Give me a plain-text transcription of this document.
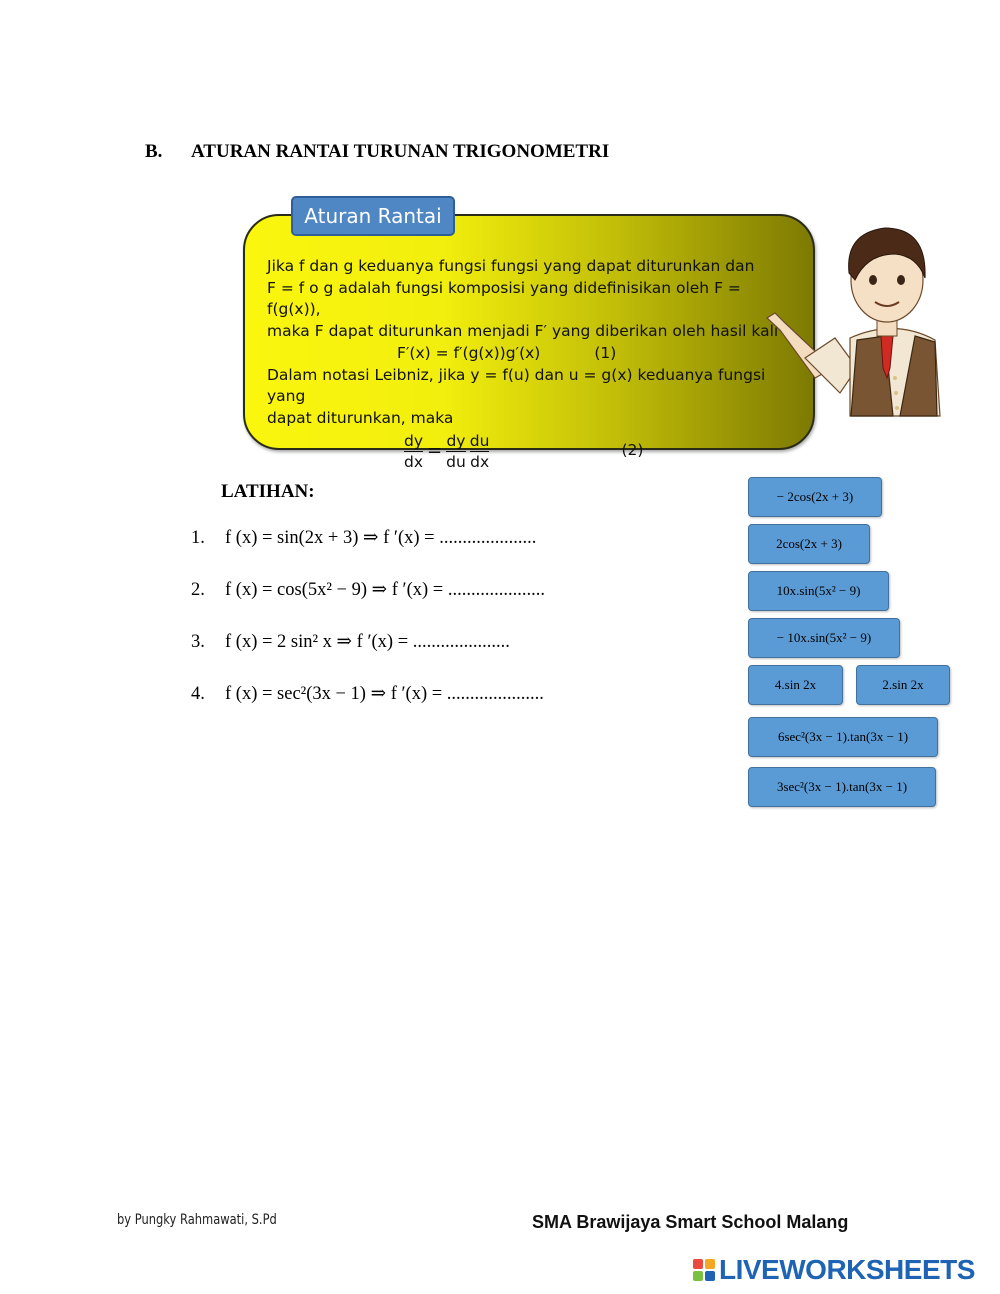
B. ATURAN RANTAI TURUNAN TRIGONOMETRI
Aturan Rantai
Jika f dan g keduanya fungsi fungsi yang dapat diturunkan dan
F = f o g adalah fungsi komposisi yang didefinisikan oleh F = f(g(x)),
maka F dapat diturunkan menjadi F′ yang diberikan oleh hasil kali
F′(x) = f′(g(x))g′(x)	(1)
Dalam notasi Leibniz, jika y = f(u) dan u = g(x) keduanya fungsi yang
dapat diturunkan, maka
$\frac{dy}{dx} = \frac{dy}{du} \frac{du}{dx}$	(2)
LATIHAN:
1. f (x) = sin(2x + 3) ⇒ f ′(x) = .....................
2. f (x) = cos(5x² − 9) ⇒ f ′(x) = .....................
3. f (x) = 2 sin² x ⇒ f ′(x) = .....................
4. f (x) = sec²(3x − 1) ⇒ f ′(x) = .....................
− 2cos(2x + 3)
2cos(2x + 3)
10x.sin(5x² − 9)
− 10x.sin(5x² − 9)
4.sin 2x	2.sin 2x
6sec²(3x − 1).tan(3x − 1)
3sec²(3x − 1).tan(3x − 1)
by Pungky Rahmawati, S.Pd	SMA Brawijaya Smart School Malang
LIVEWORKSHEETS
